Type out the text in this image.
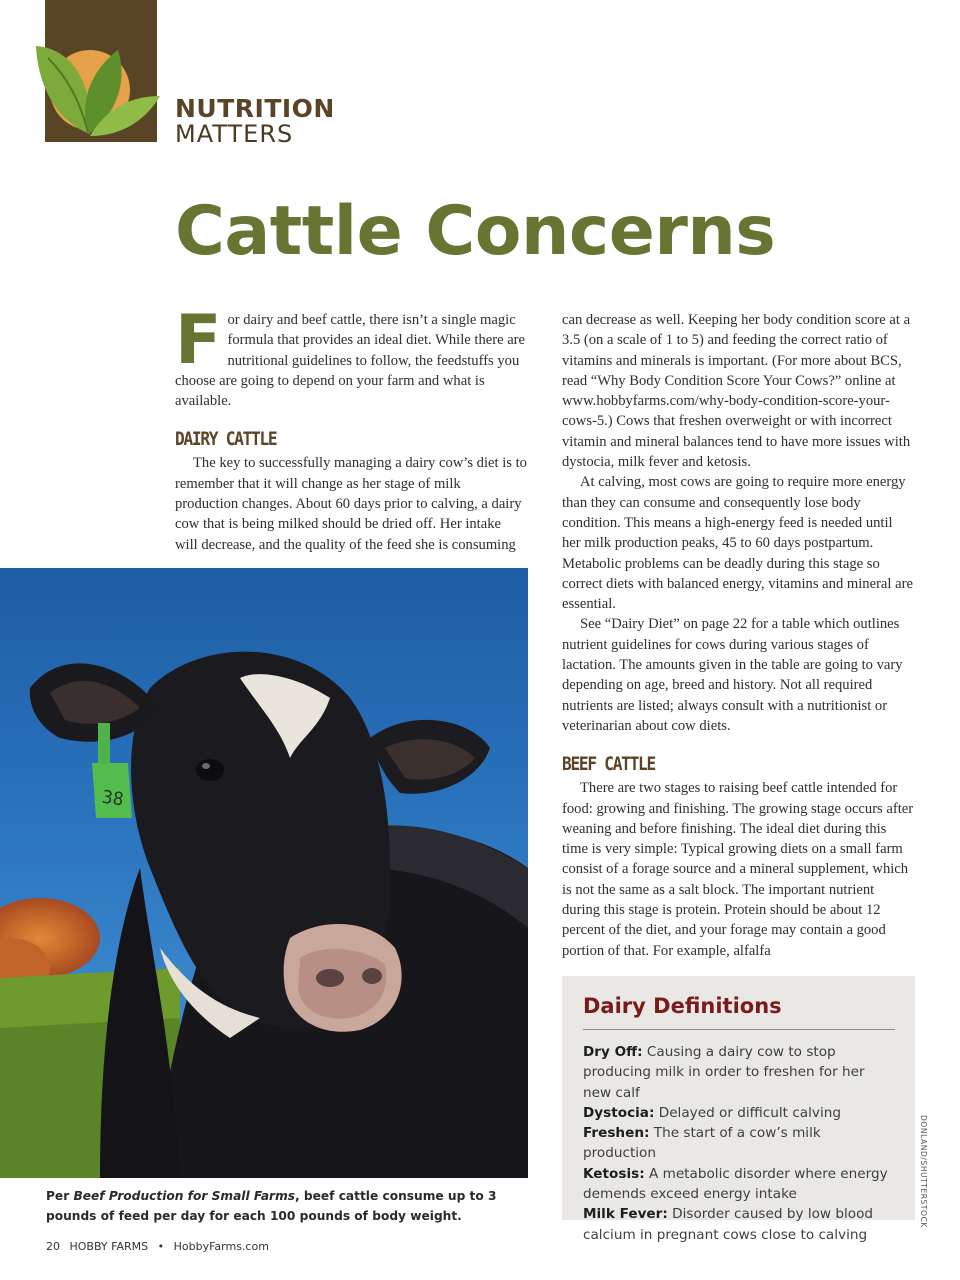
NUTRITION
MATTERS
Cattle Concerns

For dairy and beef cattle, there isn’t a single magic formula that provides an ideal diet. While there are nutritional guidelines to follow, the feedstuffs you choose are going to depend on your farm and what is available.

DAIRY CATTLE

The key to successfully managing a dairy cow’s diet is to remember that it will change as her stage of milk production changes. About 60 days prior to calving, a dairy cow that is being milked should be dried off. Her intake will decrease, and the quality of the feed she is consuming

can decrease as well. Keeping her body condition score at a 3.5 (on a scale of 1 to 5) and feeding the correct ratio of vitamins and minerals is important. (For more about BCS, read “Why Body Condition Score Your Cows?” online at www.hobbyfarms.com/why-body-condition-score-your-cows-5.) Cows that freshen overweight or with incorrect vitamin and mineral balances tend to have more issues with dystocia, milk fever and ketosis.

At calving, most cows are going to require more energy than they can consume and consequently lose body condition. This means a high-energy feed is needed until her milk production peaks, 45 to 60 days postpartum. Metabolic problems can be deadly during this stage so correct diets with balanced energy, vitamins and mineral are essential.

See “Dairy Diet” on page 22 for a table which outlines nutrient guidelines for cows during various stages of lactation. The amounts given in the table are going to vary depending on age, breed and history. Not all required nutrients are listed; always consult with a nutritionist or veterinarian about cow diets.

BEEF CATTLE

There are two stages to raising beef cattle intended for food: growing and finishing. The growing stage occurs after weaning and before finishing. The ideal diet during this time is very simple: Typical growing diets on a small farm consist of a forage source and a mineral supplement, which is not the same as a salt block. The important nutrient during this stage is protein. Protein should be about 12 percent of the diet, and your forage may contain a good portion of that. For example, alfalfa

38

Per Beef Production for Small Farms, beef cattle consume up to 3 pounds of feed per day for each 100 pounds of body weight.

Dairy Definitions

Dry Off: Causing a dairy cow to stop producing milk in order to freshen for her new calf

Dystocia: Delayed or difficult calving

Freshen: The start of a cow’s milk production

Ketosis: A metabolic disorder where energy demends exceed energy intake

Milk Fever: Disorder caused by low blood calcium in pregnant cows close to calving

DONLAND/SHUTTERSTOCK
20 HOBBY FARMS • HobbyFarms.com
